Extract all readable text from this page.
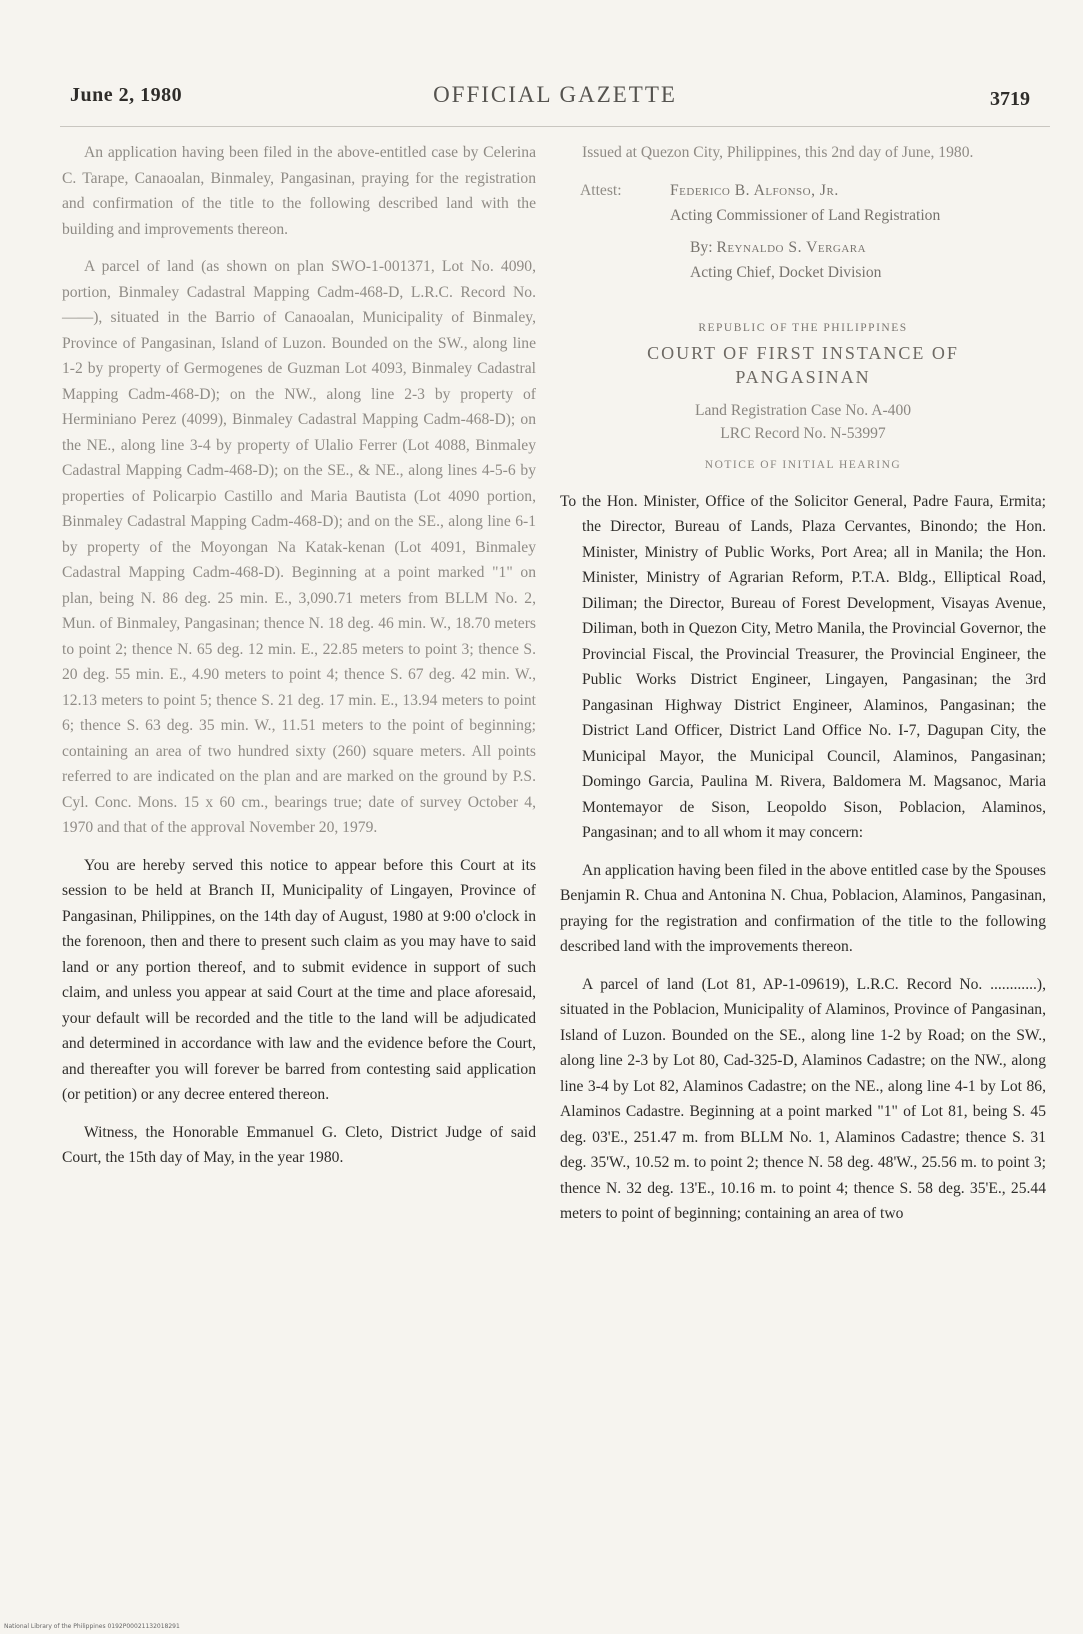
June 2, 1980	OFFICIAL GAZETTE	3719

An application having been filed in the above-entitled case by Celerina C. Tarape, Canaoalan, Binmaley, Pangasinan, praying for the registration and confirmation of the title to the following described land with the building and improvements thereon.

A parcel of land (as shown on plan SWO-1-001371, Lot No. 4090, portion, Binmaley Cadastral Mapping Cadm-468-D, L.R.C. Record No. ——), situated in the Barrio of Canaoalan, Municipality of Binmaley, Province of Pangasinan, Island of Luzon. Bounded on the SW., along line 1-2 by property of Germogenes de Guzman Lot 4093, Binmaley Cadastral Mapping Cadm-468-D); on the NW., along line 2-3 by property of Herminiano Perez (4099), Binmaley Cadastral Mapping Cadm-468-D); on the NE., along line 3-4 by property of Ulalio Ferrer (Lot 4088, Binmaley Cadastral Mapping Cadm-468-D); on the SE., & NE., along lines 4-5-6 by properties of Policarpio Castillo and Maria Bautista (Lot 4090 portion, Binmaley Cadastral Mapping Cadm-468-D); and on the SE., along line 6-1 by property of the Moyongan Na Katak-kenan (Lot 4091, Binmaley Cadastral Mapping Cadm-468-D). Beginning at a point marked "1" on plan, being N. 86 deg. 25 min. E., 3,090.71 meters from BLLM No. 2, Mun. of Binmaley, Pangasinan; thence N. 18 deg. 46 min. W., 18.70 meters to point 2; thence N. 65 deg. 12 min. E., 22.85 meters to point 3; thence S. 20 deg. 55 min. E., 4.90 meters to point 4; thence S. 67 deg. 42 min. W., 12.13 meters to point 5; thence S. 21 deg. 17 min. E., 13.94 meters to point 6; thence S. 63 deg. 35 min. W., 11.51 meters to the point of beginning; containing an area of two hundred sixty (260) square meters. All points referred to are indicated on the plan and are marked on the ground by P.S. Cyl. Conc. Mons. 15 x 60 cm., bearings true; date of survey October 4, 1970 and that of the approval November 20, 1979.

You are hereby served this notice to appear before this Court at its session to be held at Branch II, Municipality of Lingayen, Province of Pangasinan, Philippines, on the 14th day of August, 1980 at 9:00 o'clock in the forenoon, then and there to present such claim as you may have to said land or any portion thereof, and to submit evidence in support of such claim, and unless you appear at said Court at the time and place aforesaid, your default will be recorded and the title to the land will be adjudicated and determined in accordance with law and the evidence before the Court, and thereafter you will forever be barred from contesting said application (or petition) or any decree entered thereon.

Witness, the Honorable Emmanuel G. Cleto, District Judge of said Court, the 15th day of May, in the year 1980.

Issued at Quezon City, Philippines, this 2nd day of June, 1980.

Attest:	Federico B. Alfonso, Jr.
Acting Commissioner of Land Registration
By: Reynaldo S. Vergara
Acting Chief, Docket Division
REPUBLIC OF THE PHILIPPINES
COURT OF FIRST INSTANCE OF
PANGASINAN
Land Registration Case No. A-400
LRC Record No. N-53997
NOTICE OF INITIAL HEARING

To the Hon. Minister, Office of the Solicitor General, Padre Faura, Ermita; the Director, Bureau of Lands, Plaza Cervantes, Binondo; the Hon. Minister, Ministry of Public Works, Port Area; all in Manila; the Hon. Minister, Ministry of Agrarian Reform, P.T.A. Bldg., Elliptical Road, Diliman; the Director, Bureau of Forest Development, Visayas Avenue, Diliman, both in Quezon City, Metro Manila, the Provincial Governor, the Provincial Fiscal, the Provincial Treasurer, the Provincial Engineer, the Public Works District Engineer, Lingayen, Pangasinan; the 3rd Pangasinan Highway District Engineer, Alaminos, Pangasinan; the District Land Officer, District Land Office No. I-7, Dagupan City, the Municipal Mayor, the Municipal Council, Alaminos, Pangasinan; Domingo Garcia, Paulina M. Rivera, Baldomera M. Magsanoc, Maria Montemayor de Sison, Leopoldo Sison, Poblacion, Alaminos, Pangasinan; and to all whom it may concern:

An application having been filed in the above entitled case by the Spouses Benjamin R. Chua and Antonina N. Chua, Poblacion, Alaminos, Pangasinan, praying for the registration and confirmation of the title to the following described land with the improvements thereon.

A parcel of land (Lot 81, AP-1-09619), L.R.C. Record No. ............), situated in the Poblacion, Municipality of Alaminos, Province of Pangasinan, Island of Luzon. Bounded on the SE., along line 1-2 by Road; on the SW., along line 2-3 by Lot 80, Cad-325-D, Alaminos Cadastre; on the NW., along line 3-4 by Lot 82, Alaminos Cadastre; on the NE., along line 4-1 by Lot 86, Alaminos Cadastre. Beginning at a point marked "1" of Lot 81, being S. 45 deg. 03'E., 251.47 m. from BLLM No. 1, Alaminos Cadastre; thence S. 31 deg. 35'W., 10.52 m. to point 2; thence N. 58 deg. 48'W., 25.56 m. to point 3; thence N. 32 deg. 13'E., 10.16 m. to point 4; thence S. 58 deg. 35'E., 25.44 meters to point of beginning; containing an area of two

National Library of the Philippines 0192P00021132018291
